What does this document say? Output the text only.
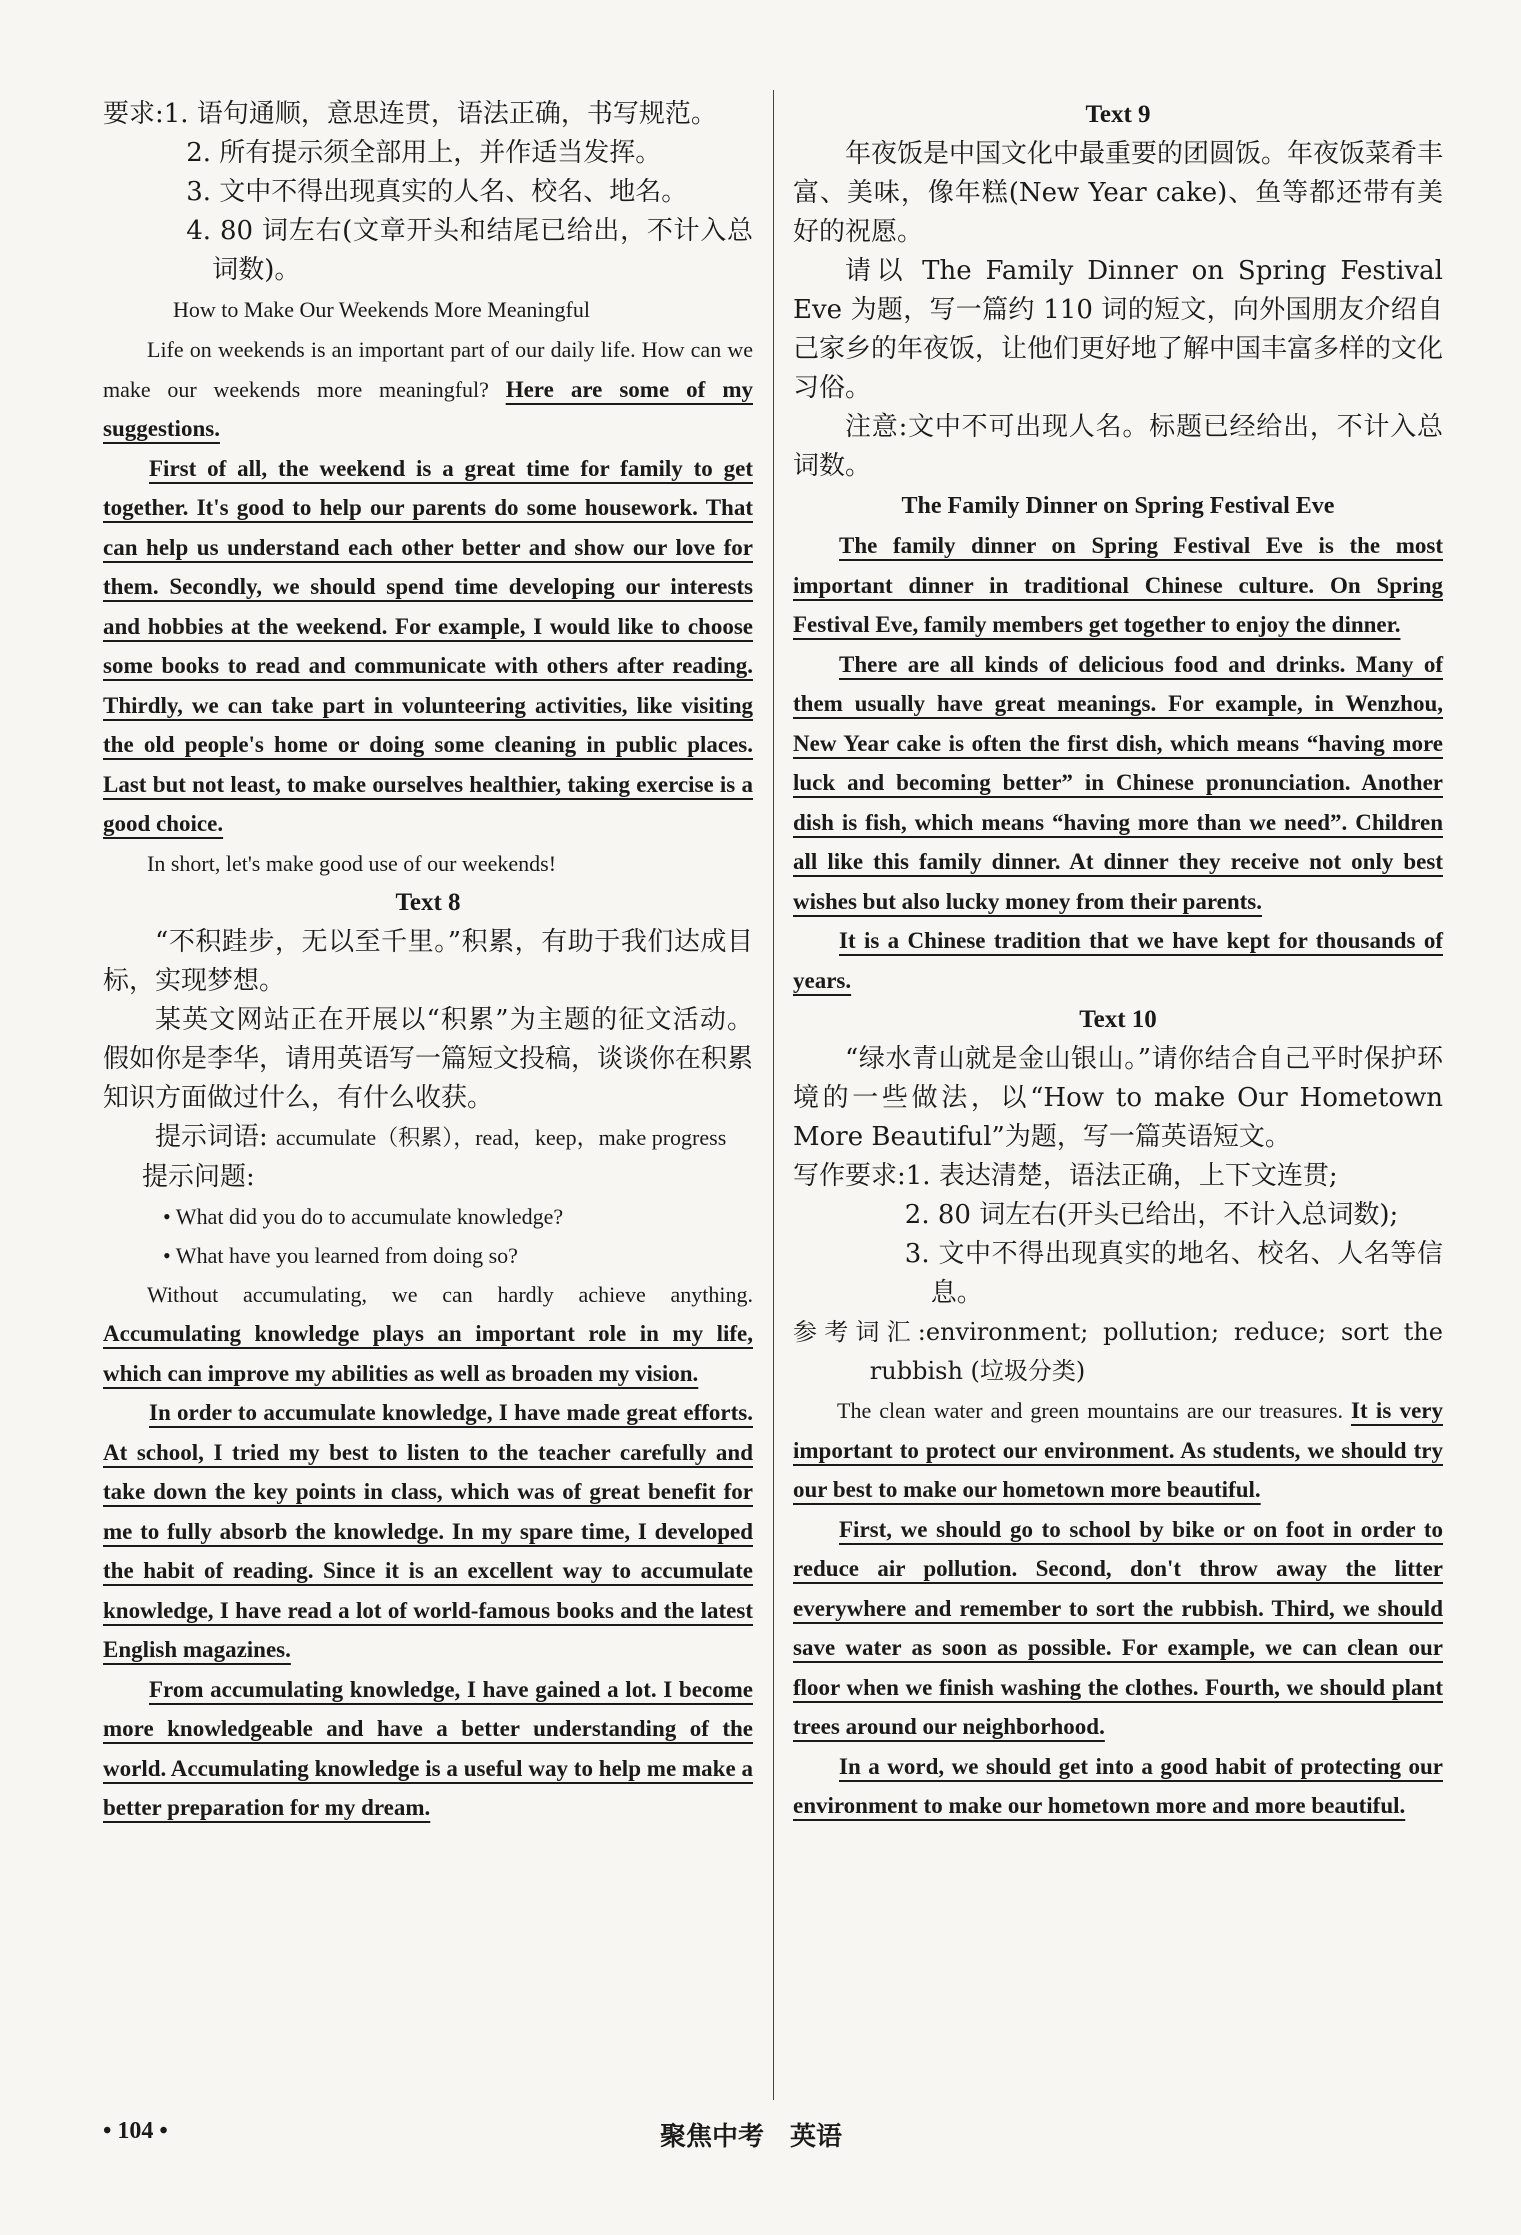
要求:1. 语句通顺，意思连贯，语法正确，书写规范。

2. 所有提示须全部用上，并作适当发挥。

3. 文中不得出现真实的人名、校名、地名。

4. 80 词左右(文章开头和结尾已给出，不计入总词数)。

How to Make Our Weekends More Meaningful

Life on weekends is an important part of our daily life. How can we make our weekends more meaningful? Here are some of my suggestions.

First of all, the weekend is a great time for family to get together. It's good to help our parents do some housework. That can help us understand each other better and show our love for them. Secondly, we should spend time developing our interests and hobbies at the weekend. For example, I would like to choose some books to read and communicate with others after reading. Thirdly, we can take part in volunteering activities, like visiting the old people's home or doing some cleaning in public places. Last but not least, to make ourselves healthier, taking exercise is a good choice.

In short, let's make good use of our weekends!

Text 8

“不积跬步，无以至千里。”积累，有助于我们达成目标，实现梦想。

某英文网站正在开展以“积累”为主题的征文活动。假如你是李华，请用英语写一篇短文投稿，谈谈你在积累知识方面做过什么，有什么收获。

提示词语: accumulate（积累），read，keep，make progress

提示问题:

• What did you do to accumulate knowledge?

• What have you learned from doing so?

Without accumulating, we can hardly achieve anything. Accumulating knowledge plays an important role in my life, which can improve my abilities as well as broaden my vision.

In order to accumulate knowledge, I have made great efforts. At school, I tried my best to listen to the teacher carefully and take down the key points in class, which was of great benefit for me to fully absorb the knowledge. In my spare time, I developed the habit of reading. Since it is an excellent way to accumulate knowledge, I have read a lot of world-famous books and the latest English magazines.

From accumulating knowledge, I have gained a lot. I become more knowledgeable and have a better understanding of the world. Accumulating knowledge is a useful way to help me make a better preparation for my dream.

Text 9

年夜饭是中国文化中最重要的团圆饭。年夜饭菜肴丰富、美味，像年糕(New Year cake)、鱼等都还带有美好的祝愿。

请以 The Family Dinner on Spring Festival Eve 为题，写一篇约 110 词的短文，向外国朋友介绍自己家乡的年夜饭，让他们更好地了解中国丰富多样的文化习俗。

注意:文中不可出现人名。标题已经给出，不计入总词数。

The Family Dinner on Spring Festival Eve

The family dinner on Spring Festival Eve is the most important dinner in traditional Chinese culture. On Spring Festival Eve, family members get together to enjoy the dinner.

There are all kinds of delicious food and drinks. Many of them usually have great meanings. For example, in Wenzhou, New Year cake is often the first dish, which means “having more luck and becoming better” in Chinese pronunciation. Another dish is fish, which means “having more than we need”. Children all like this family dinner. At dinner they receive not only best wishes but also lucky money from their parents.

It is a Chinese tradition that we have kept for thousands of years.

Text 10

“绿水青山就是金山银山。”请你结合自己平时保护环境的一些做法，以“How to make Our Hometown More Beautiful”为题，写一篇英语短文。

写作要求:1. 表达清楚，语法正确，上下文连贯;

2. 80 词左右(开头已给出，不计入总词数);

3. 文中不得出现真实的地名、校名、人名等信息。

参考词汇:environment; pollution; reduce; sort the rubbish (垃圾分类)

The clean water and green mountains are our treasures. It is very important to protect our environment. As students, we should try our best to make our hometown more beautiful.

First, we should go to school by bike or on foot in order to reduce air pollution. Second, don't throw away the litter everywhere and remember to sort the rubbish. Third, we should save water as soon as possible. For example, we can clean our floor when we finish washing the clothes. Fourth, we should plant trees around our neighborhood.

In a word, we should get into a good habit of protecting our environment to make our hometown more and more beautiful.

• 104 •	聚焦中考 英语
